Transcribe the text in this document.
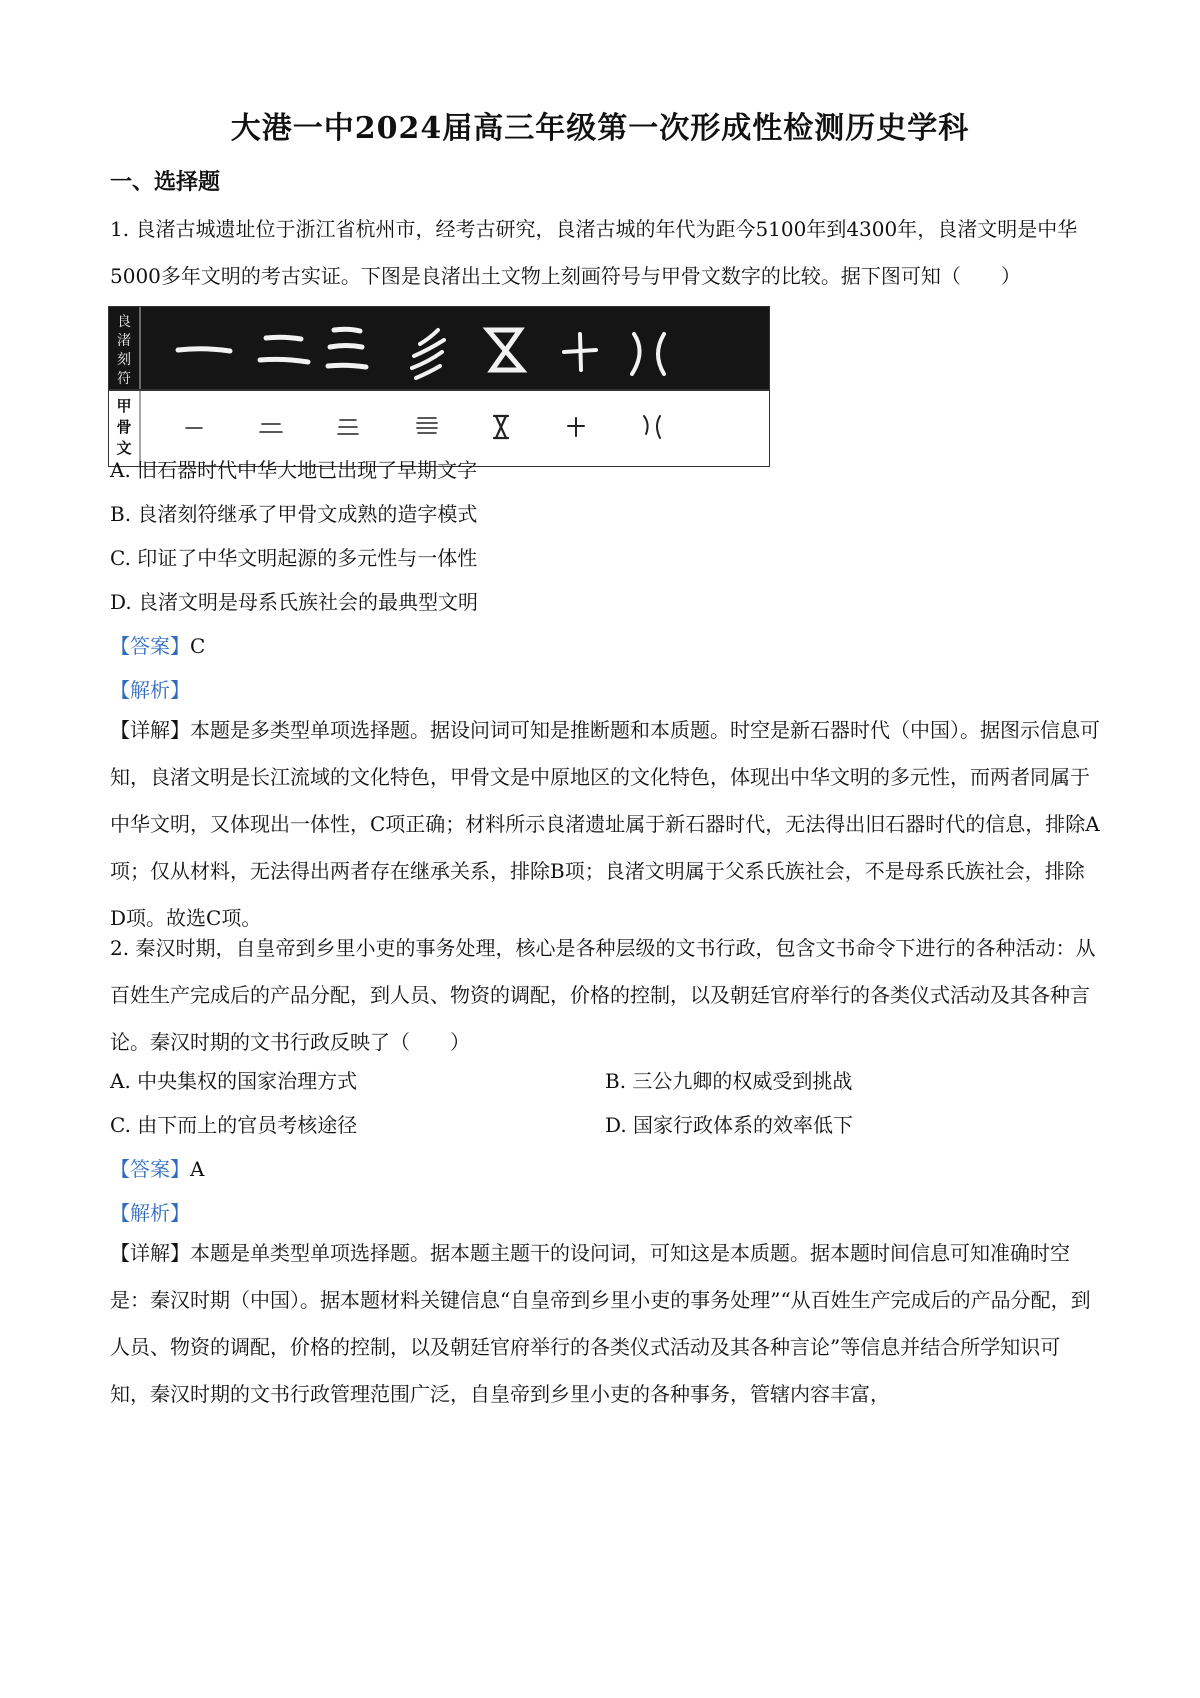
大港一中2024届高三年级第一次形成性检测历史学科
一、选择题

1. 良渚古城遗址位于浙江省杭州市，经考古研究，良渚古城的年代为距今5100年到4300年，良渚文明是中华5000多年文明的考古实证。下图是良渚出土文物上刻画符号与甲骨文数字的比较。据下图可知（　　）

良
渚
刻
符
甲
骨
文

A. 旧石器时代中华大地已出现了早期文字

B. 良渚刻符继承了甲骨文成熟的造字模式

C. 印证了中华文明起源的多元性与一体性

D. 良渚文明是母系氏族社会的最典型文明

【答案】C

【解析】

【详解】本题是多类型单项选择题。据设问词可知是推断题和本质题。时空是新石器时代（中国）。据图示信息可知，良渚文明是长江流域的文化特色，甲骨文是中原地区的文化特色，体现出中华文明的多元性，而两者同属于中华文明，又体现出一体性，C项正确；材料所示良渚遗址属于新石器时代，无法得出旧石器时代的信息，排除A项；仅从材料，无法得出两者存在继承关系，排除B项；良渚文明属于父系氏族社会，不是母系氏族社会，排除D项。故选C项。

2. 秦汉时期，自皇帝到乡里小吏的事务处理，核心是各种层级的文书行政，包含文书命令下进行的各种活动：从百姓生产完成后的产品分配，到人员、物资的调配，价格的控制，以及朝廷官府举行的各类仪式活动及其各种言论。秦汉时期的文书行政反映了（　　）

A. 中央集权的国家治理方式	B. 三公九卿的权威受到挑战

C. 由下而上的官员考核途径	D. 国家行政体系的效率低下

【答案】A

【解析】

【详解】本题是单类型单项选择题。据本题主题干的设问词，可知这是本质题。据本题时间信息可知准确时空是：秦汉时期（中国）。据本题材料关键信息“自皇帝到乡里小吏的事务处理”“从百姓生产完成后的产品分配，到人员、物资的调配，价格的控制，以及朝廷官府举行的各类仪式活动及其各种言论”等信息并结合所学知识可知，秦汉时期的文书行政管理范围广泛，自皇帝到乡里小吏的各种事务，管辖内容丰富，
